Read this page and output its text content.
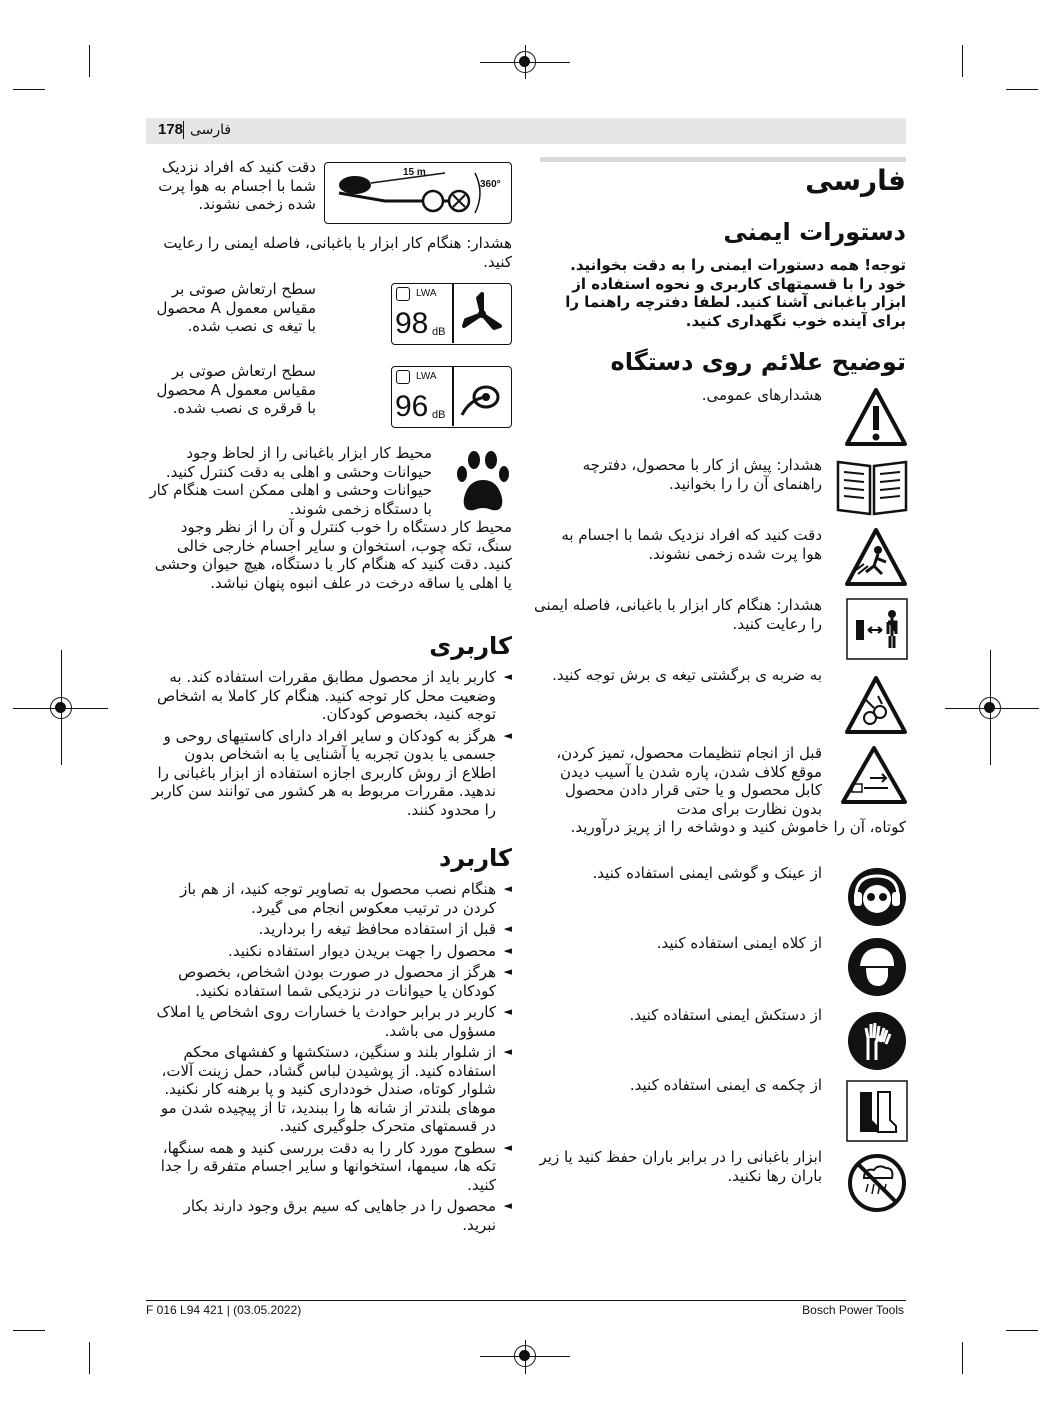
178 فارسی
فارسی
دستورات ایمنی
توجه! همه دستورات ایمنی را به دقت بخوانید. خود را با قسمتهای کاربری و نحوه استفاده از ابزار باغبانی آشنا کنید. لطفا دفترچه راهنما را برای آینده خوب نگهداری کنید.
توضیح علائم روی دستگاه
هشدارهای عمومی.
هشدار: پیش از کار با محصول، دفترچه راهنمای آن را را بخوانید.
دقت کنید که افراد نزدیک شما با اجسام به هوا پرت شده زخمی نشوند.
هشدار: هنگام کار ابزار با باغبانی، فاصله ایمنی را رعایت کنید.
به ضربه ی برگشتی تیغه ی برش توجه کنید.
قبل از انجام تنظیمات محصول، تمیز کردن، موقع کلاف شدن، پاره شدن یا آسیب دیدن کابل محصول و یا حتی قرار دادن محصول بدون نظارت برای مدت
کوتاه، آن را خاموش کنید و دوشاخه را از پریز درآورید.
از عینک و گوشی ایمنی استفاده کنید.
از کلاه ایمنی استفاده کنید.
از دستکش ایمنی استفاده کنید.
از چکمه ی ایمنی استفاده کنید.
ابزار باغبانی را در برابر باران حفظ کنید یا زیر باران رها نکنید.
15 m
360°
دقت کنید که افراد نزدیک شما با اجسام به هوا پرت شده زخمی نشوند.
هشدار: هنگام کار ابزار با باغبانی، فاصله ایمنی را رعایت کنید.
LWA
98 dB
سطح ارتعاش صوتی بر مقیاس معمول A محصول با تیغه ی نصب شده.
LWA
96 dB
سطح ارتعاش صوتی بر مقیاس معمول A محصول با قرقره ی نصب شده.
محیط کار ابزار باغبانی را از لحاظ وجود حیوانات وحشی و اهلی به دقت کنترل کنید. حیوانات وحشی و اهلی ممکن است هنگام کار با دستگاه زخمی شوند.
محیط کار دستگاه را خوب کنترل و آن را از نظر وجود سنگ، تکه چوب، استخوان و سایر اجسام خارجی خالی کنید. دقت کنید که هنگام کار با دستگاه، هیچ حیوان وحشی یا اهلی یا ساقه درخت در علف انبوه پنهان نباشد.
کاربری
◄ کاربر باید از محصول مطابق مقررات استفاده کند. به وضعیت محل کار توجه کنید. هنگام کار کاملا به اشخاص توجه کنید، بخصوص کودکان.
◄ هرگز به کودکان و سایر افراد دارای کاستیهای روحی و جسمی یا بدون تجربه یا آشنایی یا به اشخاص بدون اطلاع از روش کاربری اجازه استفاده از ابزار باغبانی را ندهید. مقررات مربوط به هر کشور می توانند سن کاربر را محدود کنند.
کاربرد
◄ هنگام نصب محصول به تصاویر توجه کنید، از هم باز کردن در ترتیب معکوس انجام می گیرد.
◄ قبل از استفاده محافظ تیغه را بردارید.
◄ محصول را جهت بریدن دیوار استفاده نکنید.
◄ هرگز از محصول در صورت بودن اشخاص، بخصوص کودکان یا حیوانات در نزدیکی شما استفاده نکنید.
◄ کاربر در برابر حوادث یا خسارات روی اشخاص یا املاک مسؤول می باشد.
◄ از شلوار بلند و سنگین، دستکشها و کفشهای محکم استفاده کنید. از پوشیدن لباس گشاد، حمل زینت آلات، شلوار کوتاه، صندل خودداری کنید و پا برهنه کار نکنید. موهای بلندتر از شانه ها را ببندید، تا از پیچیده شدن مو در قسمتهای متحرک جلوگیری کنید.
◄ سطوح مورد کار را به دقت بررسی کنید و همه سنگها، تکه ها، سیمها، استخوانها و سایر اجسام متفرقه را جدا کنید.
◄ محصول را در جاهایی که سیم برق وجود دارند بکار نبرید.
F 016 L94 421 | (03.05.2022)	Bosch Power Tools
